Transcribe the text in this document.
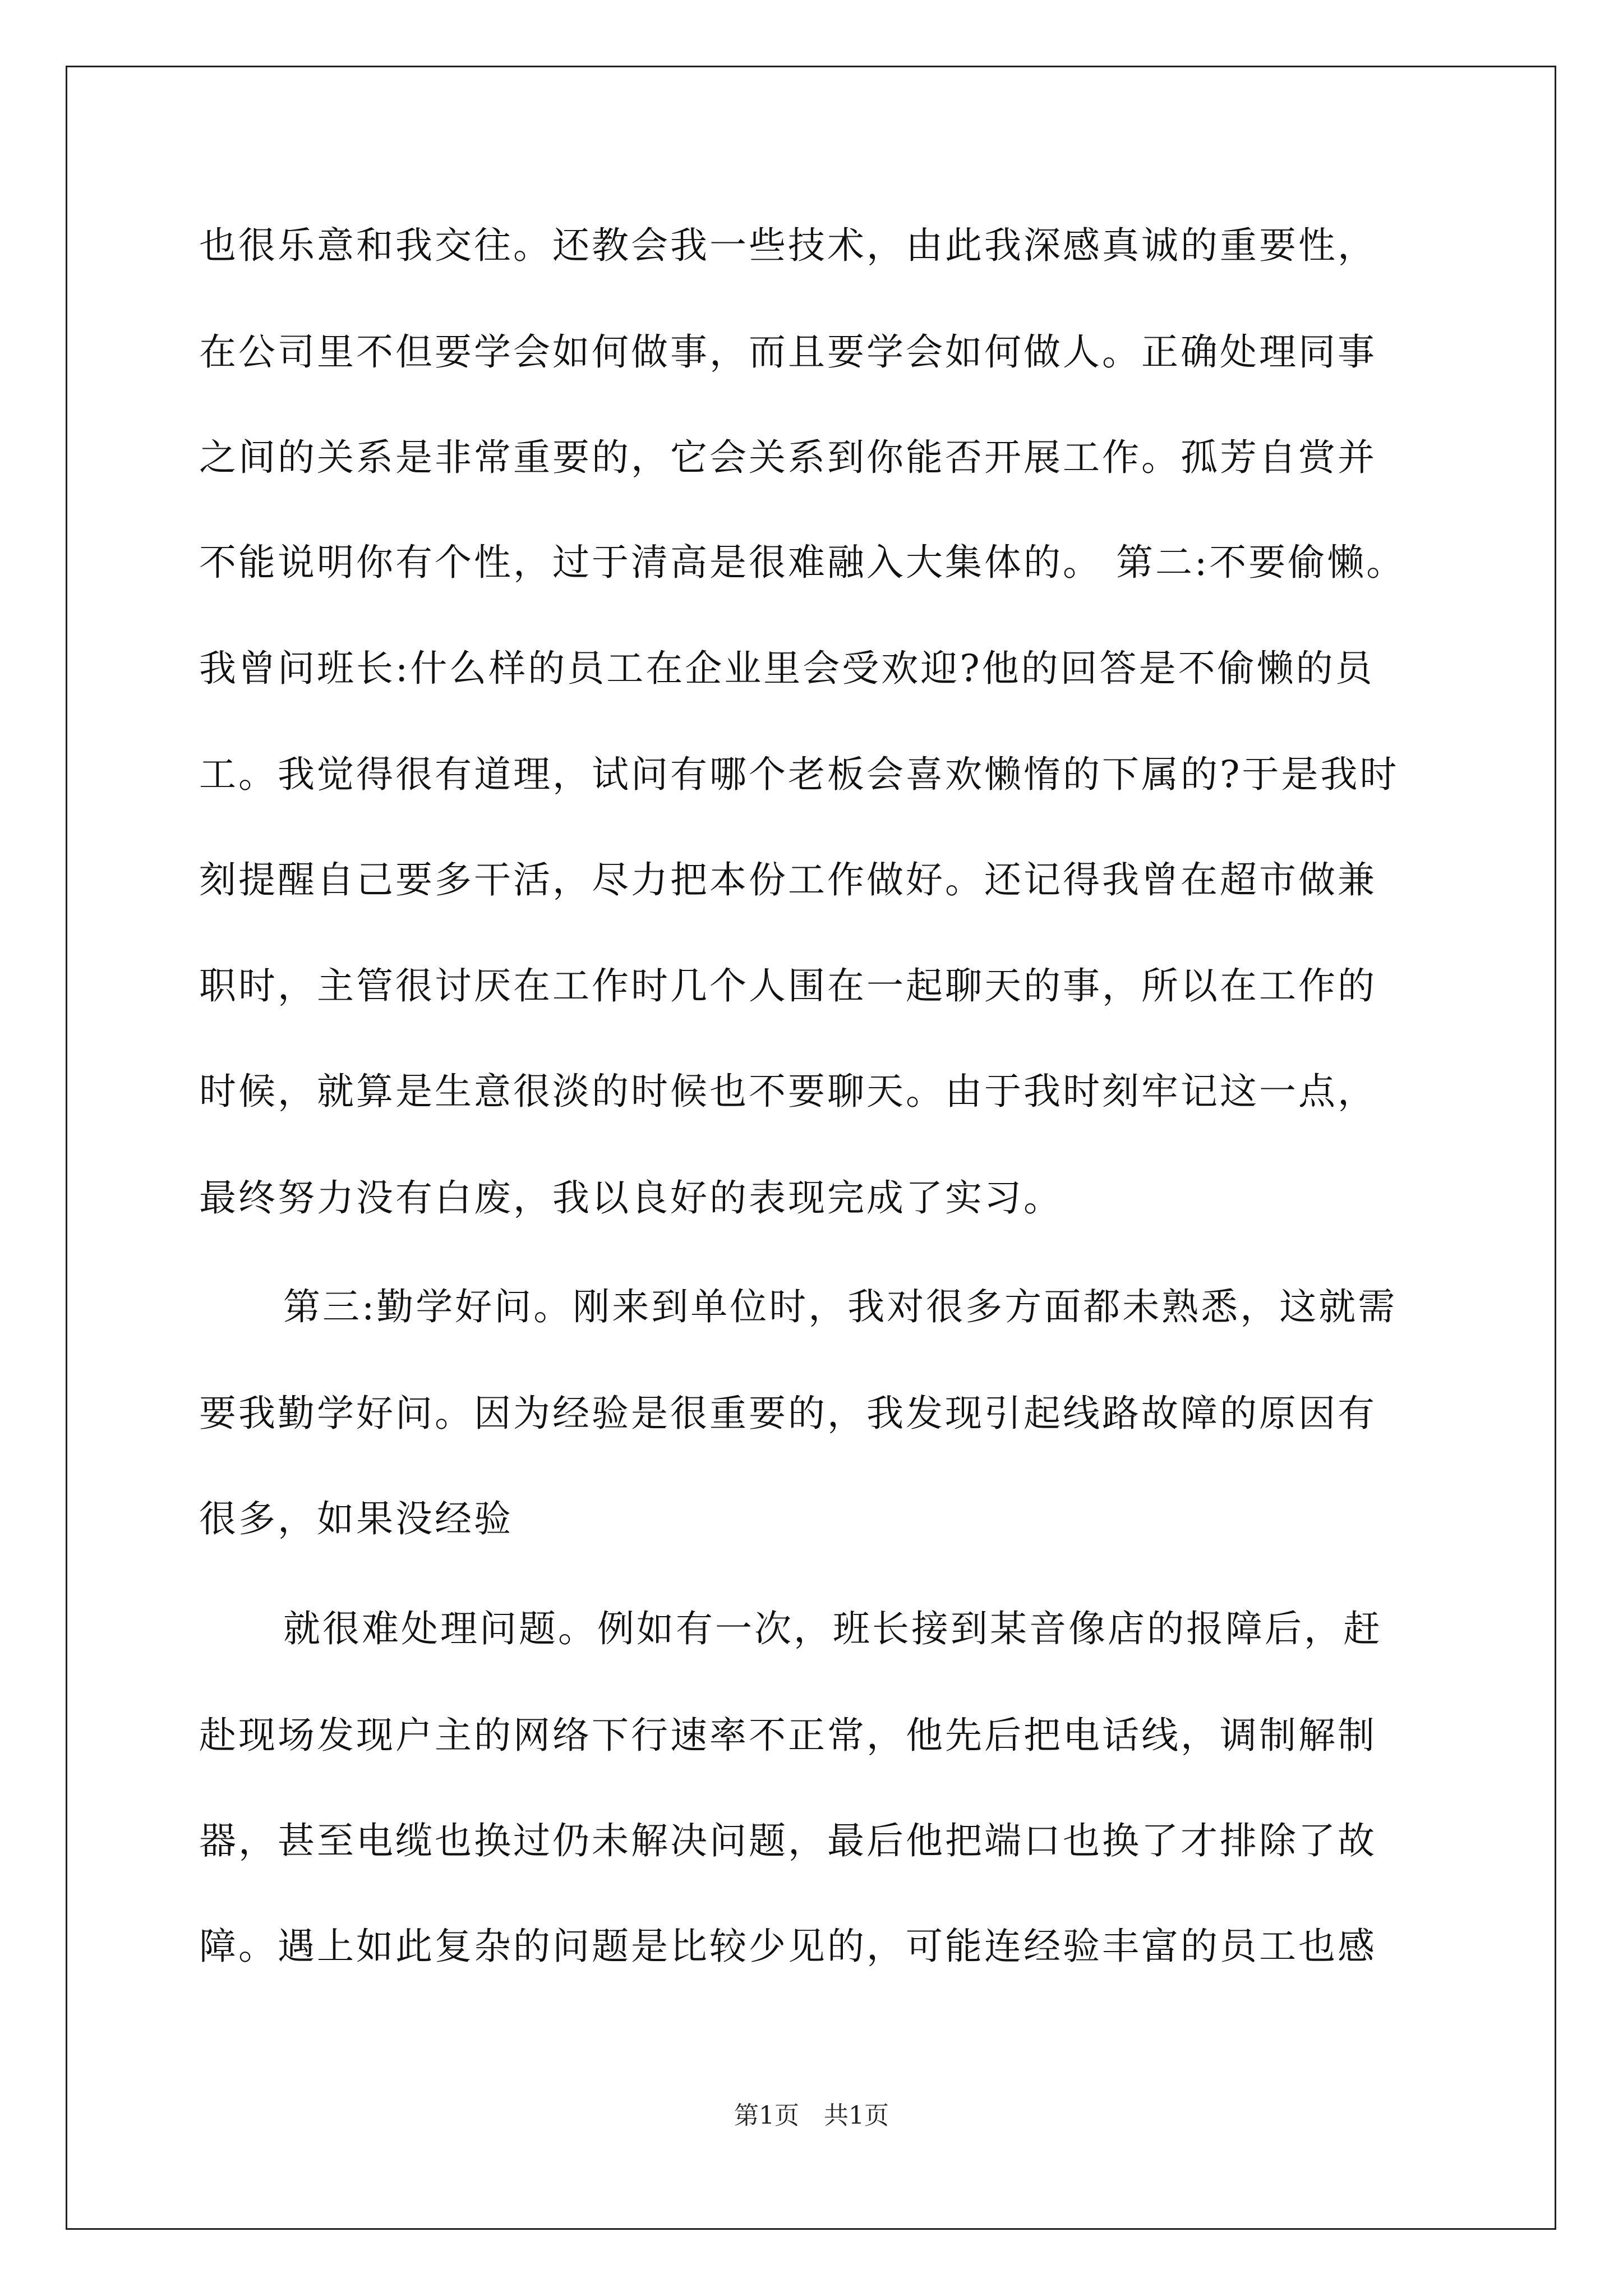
也很乐意和我交往。还教会我一些技术，由此我深感真诚的重要性，
在公司里不但要学会如何做事，而且要学会如何做人。正确处理同事
之间的关系是非常重要的，它会关系到你能否开展工作。孤芳自赏并
不能说明你有个性，过于清高是很难融入大集体的。 第二:不要偷懒。
我曾问班长:什么样的员工在企业里会受欢迎?他的回答是不偷懒的员
工。我觉得很有道理，试问有哪个老板会喜欢懒惰的下属的?于是我时
刻提醒自己要多干活，尽力把本份工作做好。还记得我曾在超市做兼
职时，主管很讨厌在工作时几个人围在一起聊天的事，所以在工作的
时候，就算是生意很淡的时候也不要聊天。由于我时刻牢记这一点，
最终努力没有白废，我以良好的表现完成了实习。
第三:勤学好问。刚来到单位时，我对很多方面都未熟悉，这就需
要我勤学好问。因为经验是很重要的，我发现引起线路故障的原因有
很多，如果没经验
就很难处理问题。例如有一次，班长接到某音像店的报障后，赶
赴现场发现户主的网络下行速率不正常，他先后把电话线，调制解制
器，甚至电缆也换过仍未解决问题，最后他把端口也换了才排除了故
障。遇上如此复杂的问题是比较少见的，可能连经验丰富的员工也感
第1页　共1页
